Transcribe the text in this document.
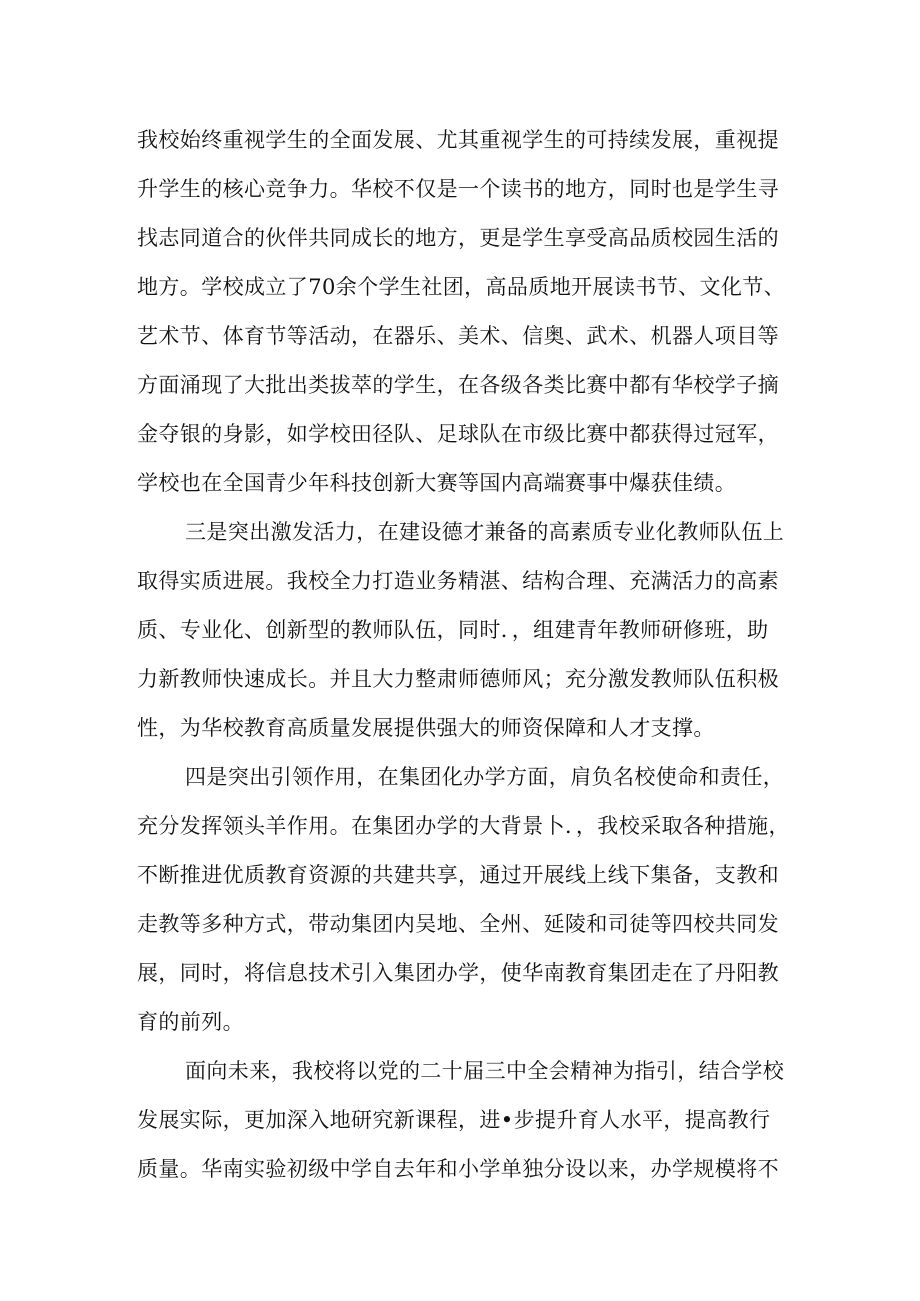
我校始终重视学生的全面发展、尤其重视学生的可持续发展，重视提
升学生的核心竞争力。华校不仅是一个读书的地方，同时也是学生寻
找志同道合的伙伴共同成长的地方，更是学生享受高品质校园生活的
地方。学校成立了70余个学生社团，高品质地开展读书节、文化节、
艺术节、体育节等活动，在器乐、美术、信奥、武术、机器人项目等
方面涌现了大批出类拔萃的学生，在各级各类比赛中都有华校学子摘
金夺银的身影，如学校田径队、足球队在市级比赛中都获得过冠军，
学校也在全国青少年科技创新大赛等国内高端赛事中爆获佳绩。
三是突出激发活力，在建设德才兼备的高素质专业化教师队伍上
取得实质进展。我校全力打造业务精湛、结构合理、充满活力的高素
质、专业化、创新型的教师队伍，同时．，组建青年教师研修班，助
力新教师快速成长。并且大力整肃师德师风；充分激发教师队伍积极
性，为华校教育高质量发展提供强大的师资保障和人才支撑。
四是突出引领作用，在集团化办学方面，肩负名校使命和责任，
充分发挥领头羊作用。在集团办学的大背景卜．，我校采取各种措施，
不断推进优质教育资源的共建共享，通过开展线上线下集备，支教和
走教等多种方式，带动集团内吴地、全州、延陵和司徒等四校共同发
展，同时，将信息技术引入集团办学，使华南教育集团走在了丹阳教
育的前列。
面向未来，我校将以党的二十届三中全会精神为指引，结合学校
发展实际，更加深入地研究新课程，进•步提升育人水平，提高教行
质量。华南实验初级中学自去年和小学单独分设以来，办学规模将不
